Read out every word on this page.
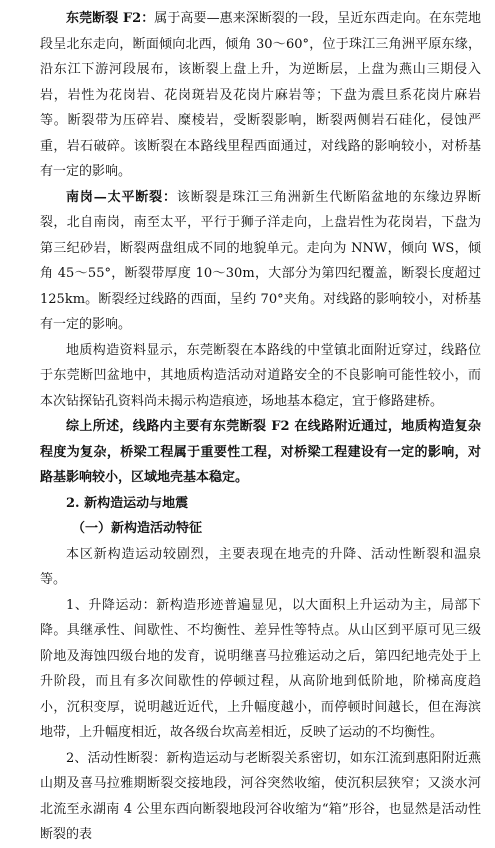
东莞断裂 F2：属于高要—惠来深断裂的一段，呈近东西走向。在东莞地段呈北东走向，断面倾向北西，倾角 30～60°，位于珠江三角洲平原东缘，沿东江下游河段展布，该断裂上盘上升，为逆断层，上盘为燕山三期侵入岩，岩性为花岗岩、花岗斑岩及花岗片麻岩等；下盘为震旦系花岗片麻岩等。断裂带为压碎岩、糜棱岩，受断裂影响，断裂两侧岩石硅化，侵蚀严重，岩石破碎。该断裂在本路线里程西面通过，对线路的影响较小，对桥基有一定的影响。

南岗—太平断裂：该断裂是珠江三角洲新生代断陷盆地的东缘边界断裂，北自南岗，南至太平，平行于狮子洋走向，上盘岩性为花岗岩，下盘为第三纪砂岩，断裂两盘组成不同的地貌单元。走向为 NNW，倾向 WS，倾角 45～55°，断裂带厚度 10～30m，大部分为第四纪覆盖，断裂长度超过 125km。断裂经过线路的西面，呈约 70°夹角。对线路的影响较小，对桥基有一定的影响。

地质构造资料显示，东莞断裂在本路线的中堂镇北面附近穿过，线路位于东莞断凹盆地中，其地质构造活动对道路安全的不良影响可能性较小，而本次钻探钻孔资料尚未揭示构造痕迹，场地基本稳定，宜于修路建桥。

综上所述，线路内主要有东莞断裂 F2 在线路附近通过，地质构造复杂程度为复杂，桥梁工程属于重要性工程，对桥梁工程建设有一定的影响，对路基影响较小，区域地壳基本稳定。

2. 新构造运动与地震

（一）新构造活动特征

本区新构造运动较剧烈，主要表现在地壳的升降、活动性断裂和温泉等。

1、升降运动：新构造形迹普遍显见，以大面积上升运动为主，局部下降。具继承性、间歇性、不均衡性、差异性等特点。从山区到平原可见三级阶地及海蚀四级台地的发育，说明继喜马拉雅运动之后，第四纪地壳处于上升阶段，而且有多次间歇性的停顿过程，从高阶地到低阶地，阶梯高度趋小，沉积变厚，说明越近近代，上升幅度越小，而停顿时间越长，但在海滨地带，上升幅度相近，故各级台坎高差相近，反映了运动的不均衡性。

2、活动性断裂：新构造运动与老断裂关系密切，如东江流到惠阳附近燕山期及喜马拉雅期断裂交接地段，河谷突然收缩，使沉积层狭窄；又淡水河北流至永湖南 4 公里东西向断裂地段河谷收缩为“箱”形谷，也显然是活动性断裂的表
